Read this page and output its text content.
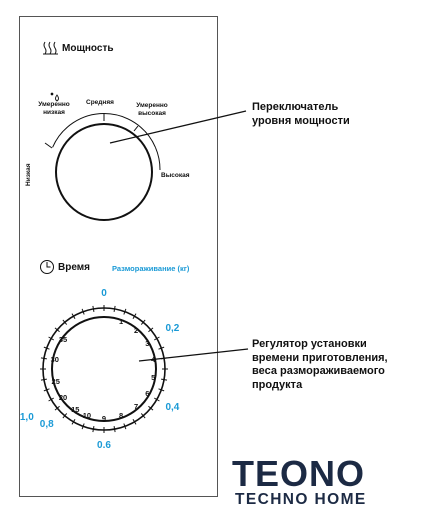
Мощность
Умеренно
низкая
Средняя	Умеренно
высокая
Высокая
Низкая
Переключатель
уровня мощности
Время	Разморaживание (кг)
Регулятор установки
времени приготовления,
веса размораживаемого
продукта
1
2
3
4
5
6
7
8
9
10
15
20
25
30
35
0
0,2
0,4
0.6
0,8
1,0
TEONO
TECHNO HOME
